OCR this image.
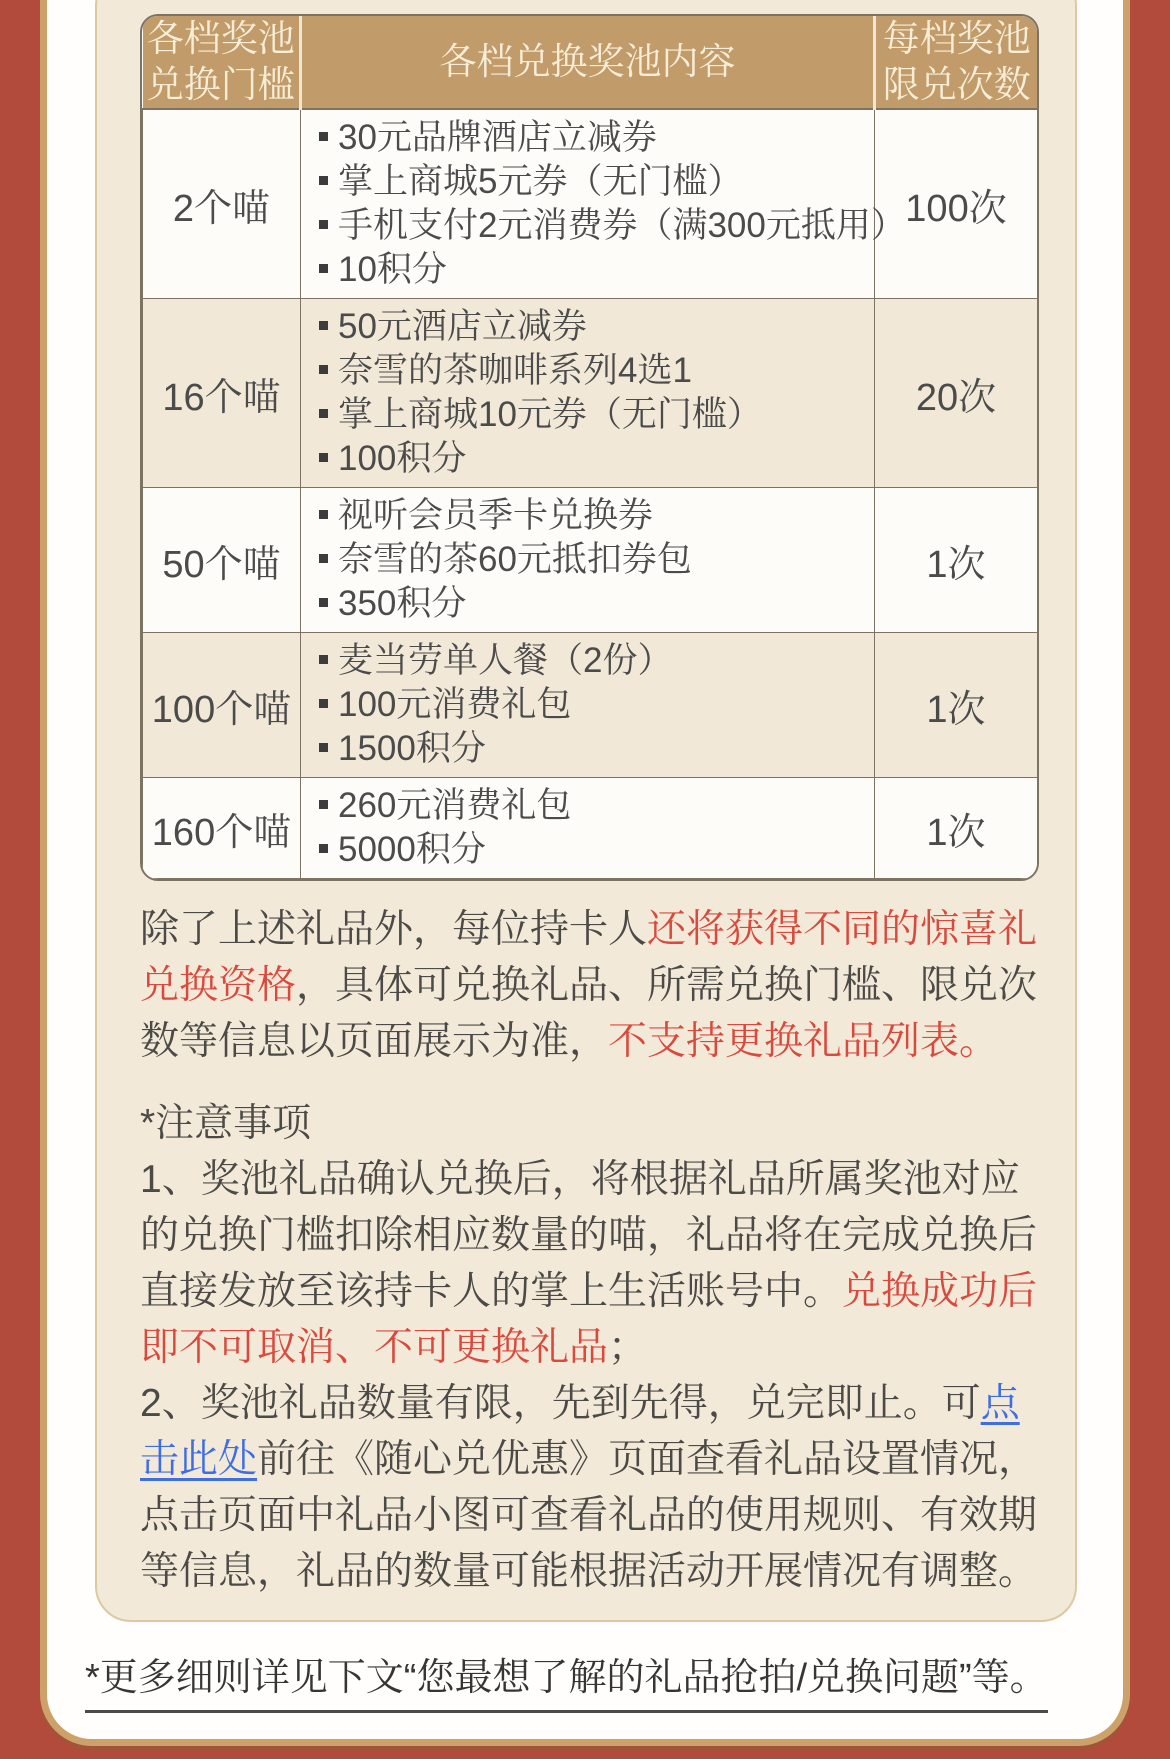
各档奖池
兑换门槛

各档兑换奖池内容

每档奖池
限兑次数

2个喵	30元品牌酒店立减券
掌上商城5元券（无门槛）
手机支付2元消费券（满300元抵用）
10积分	100次
16个喵	50元酒店立减券
奈雪的茶咖啡系列4选1
掌上商城10元券（无门槛）
100积分	20次
50个喵	视听会员季卡兑换券
奈雪的茶60元抵扣券包
350积分	1次
100个喵	麦当劳单人餐（2份）
100元消费礼包
1500积分	1次
160个喵	260元消费礼包
5000积分	1次

除了上述礼品外，每位持卡人还将获得不同的惊喜礼兑换资格，具体可兑换礼品、所需兑换门槛、限兑次数等信息以页面展示为准，不支持更换礼品列表。

*注意事项

1、奖池礼品确认兑换后，将根据礼品所属奖池对应的兑换门槛扣除相应数量的喵，礼品将在完成兑换后直接发放至该持卡人的掌上生活账号中。兑换成功后即不可取消、不可更换礼品；

2、奖池礼品数量有限，先到先得，兑完即止。可点击此处前往《随心兑优惠》页面查看礼品设置情况，点击页面中礼品小图可查看礼品的使用规则、有效期等信息，礼品的数量可能根据活动开展情况有调整。

*更多细则详见下文“您最想了解的礼品抢拍/兑换问题”等。
